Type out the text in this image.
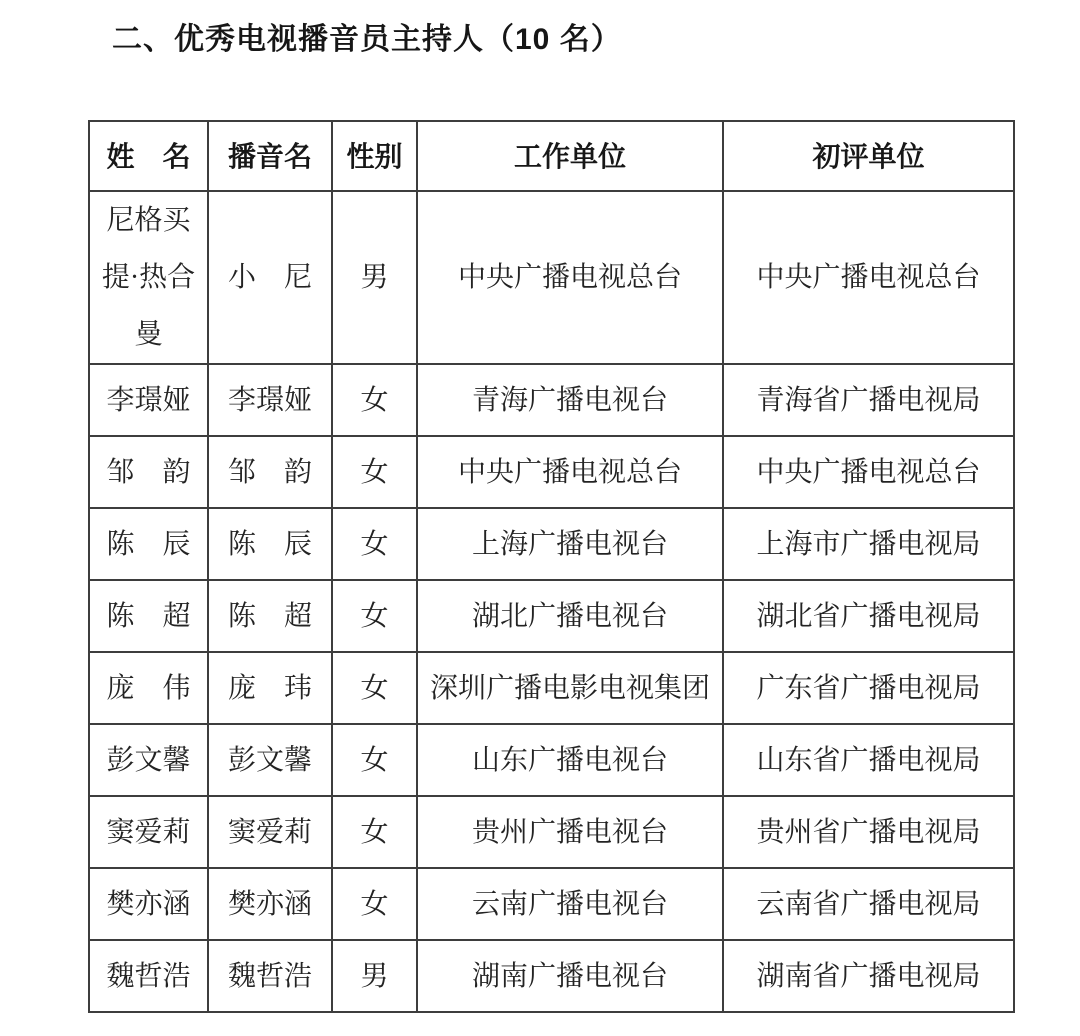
二、优秀电视播音员主持人（10 名）
姓　名	播音名	性别	工作单位	初评单位
尼格买提·热合曼	小　尼	男	中央广播电视总台	中央广播电视总台
李璟娅	李璟娅	女	青海广播电视台	青海省广播电视局
邹　韵	邹　韵	女	中央广播电视总台	中央广播电视总台
陈　辰	陈　辰	女	上海广播电视台	上海市广播电视局
陈　超	陈　超	女	湖北广播电视台	湖北省广播电视局
庞　伟	庞　玮	女	深圳广播电影电视集团	广东省广播电视局
彭文馨	彭文馨	女	山东广播电视台	山东省广播电视局
窦爱莉	窦爱莉	女	贵州广播电视台	贵州省广播电视局
樊亦涵	樊亦涵	女	云南广播电视台	云南省广播电视局
魏哲浩	魏哲浩	男	湖南广播电视台	湖南省广播电视局
